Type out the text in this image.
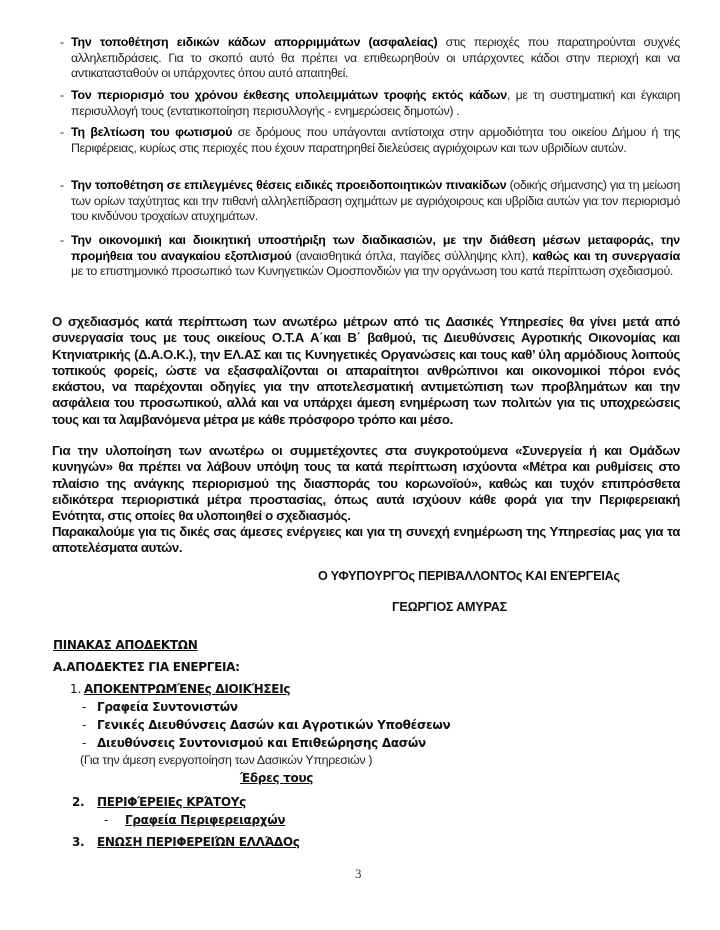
- Την τοποθέτηση ειδικών κάδων απορριμμάτων (ασφαλείας) στις περιοχές που παρατηρούνται συχνές αλληλεπιδράσεις. Για το σκοπό αυτό θα πρέπει να επιθεωρηθούν οι υπάρχοντες κάδοι στην περιοχή και να αντικατασταθούν οι υπάρχοντες όπου αυτό απαιτηθεί.
- Τον περιορισμό του χρόνου έκθεσης υπολειμμάτων τροφής εκτός κάδων, με τη συστηματική και έγκαιρη περισυλλογή τους (εντατικοποίηση περισυλλογής - ενημερώσεις δημοτών) .
- Τη βελτίωση του φωτισμού σε δρόμους που υπάγονται αντίστοιχα στην αρμοδιότητα του οικείου Δήμου ή της Περιφέρειας, κυρίως στις περιοχές που έχουν παρατηρηθεί διελεύσεις αγριόχοιρων και των υβριδίων αυτών.
- Την τοποθέτηση σε επιλεγμένες θέσεις ειδικές προειδοποιητικών πινακίδων (οδικής σήμανσης) για τη μείωση των ορίων ταχύτητας και την πιθανή αλληλεπίδραση οχημάτων με αγριόχοιρους και υβρίδια αυτών για τον περιορισμό του κινδύνου τροχαίων ατυχημάτων.
- Την οικονομική και διοικητική υποστήριξη των διαδικασιών, με την διάθεση μέσων μεταφοράς, την προμήθεια του αναγκαίου εξοπλισμού (αναισθητικά όπλα, παγίδες σύλληψης κλπ), καθώς και τη συνεργασία με το επιστημονικό προσωπικό των Κυνηγετικών Ομοσπονδιών για την οργάνωση του κατά περίπτωση σχεδιασμού.
Ο σχεδιασμός κατά περίπτωση των ανωτέρω μέτρων από τις Δασικές Υπηρεσίες θα γίνει μετά από συνεργασία τους με τους οικείους Ο.Τ.Α Α΄και Β΄ βαθμού, τις Διευθύνσεις Αγροτικής Οικονομίας και Κτηνιατρικής (Δ.Α.Ο.Κ.), την ΕΛ.ΑΣ και τις Κυνηγετικές Οργανώσεις και τους καθ’ ύλη αρμόδιους λοιπούς τοπικούς φορείς, ώστε να εξασφαλίζονται οι απαραίτητοι ανθρώπινοι και οικονομικοί πόροι ενός εκάστου, να παρέχονται οδηγίες για την αποτελεσματική αντιμετώπιση των προβλημάτων και την ασφάλεια του προσωπικού, αλλά και να υπάρχει άμεση ενημέρωση των πολιτών για τις υποχρεώσεις τους και τα λαμβανόμενα μέτρα με κάθε πρόσφορο τρόπο και μέσο.
Για την υλοποίηση των ανωτέρω οι συμμετέχοντες στα συγκροτούμενα «Συνεργεία ή και Ομάδων κυνηγών» θα πρέπει να λάβουν υπόψη τους τα κατά περίπτωση ισχύοντα «Μέτρα και ρυθμίσεις στο πλαίσιο της ανάγκης περιορισμού της διασποράς του κορωνοϊού», καθώς και τυχόν επιπρόσθετα ειδικότερα περιοριστικά μέτρα προστασίας, όπως αυτά ισχύουν κάθε φορά για την Περιφερειακή Ενότητα, στις οποίες θα υλοποιηθεί ο σχεδιασμός.
Παρακαλούμε για τις δικές σας άμεσες ενέργειες και για τη συνεχή ενημέρωση της Υπηρεσίας μας για τα αποτελέσματα αυτών.
Ο ΥΦΥΠΟΥΡΓΌς ΠΕΡΙΒΆΛΛΟΝΤΟς ΚΑΙ ΕΝΈΡΓΕΙΑς
ΓΕΩΡΓΙΟΣ ΑΜΥΡΑΣ
ΠΙΝΑΚΑΣ ΑΠΟΔΕΚΤΩΝ
Α.ΑΠΟΔΕΚΤΕΣ ΓΙΑ ΕΝΕΡΓΕΙΑ:
1. ΑΠΟΚΕΝΤΡΩΜΈΝΕς ΔΙΟΙΚΉΣΕΙς
- Γραφεία Συντονιστών
- Γενικές Διευθύνσεις Δασών και Αγροτικών Υποθέσεων
- Διευθύνσεις Συντονισμού και Επιθεώρησης Δασών
(Για την άμεση ενεργοποίηση των Δασικών Υπηρεσιών )
Έδρες τους
2. ΠΕΡΙΦΈΡΕΙΕς ΚΡΆΤΟΥς
- Γραφεία Περιφερειαρχών
3. ΕΝΩΣΗ ΠΕΡΙΦΕΡΕΙΏΝ ΕΛΛΆΔΟς
3
